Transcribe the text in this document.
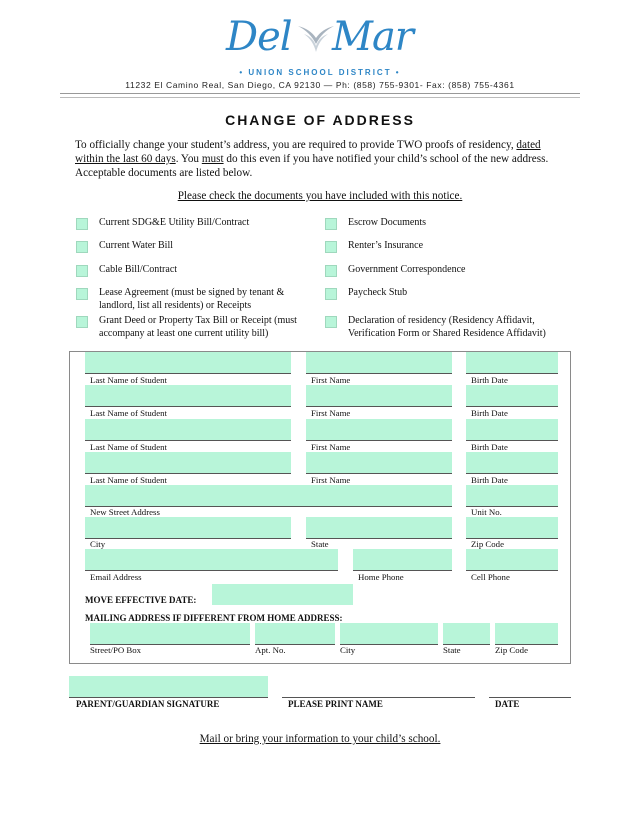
Del Mar
• UNION SCHOOL DISTRICT •
11232 El Camino Real, San Diego, CA 92130 — Ph: (858) 755-9301- Fax: (858) 755-4361
CHANGE OF ADDRESS
To officially change your student’s address, you are required to provide TWO proofs of residency, dated within the last 60 days. You must do this even if you have notified your child’s school of the new address. Acceptable documents are listed below.
Please check the documents you have included with this notice.
Current SDG&E Utility Bill/Contract
Current Water Bill
Cable Bill/Contract
Lease Agreement (must be signed by tenant & landlord, list all residents) or Receipts
Grant Deed or Property Tax Bill or Receipt (must accompany at least one current utility bill)
Escrow Documents
Renter’s Insurance
Government Correspondence
Paycheck Stub
Declaration of residency (Residency Affidavit, Verification Form or Shared Residence Affidavit)
Last Name of Student	First Name	Birth Date
Last Name of Student	First Name	Birth Date
Last Name of Student	First Name	Birth Date
Last Name of Student	First Name	Birth Date
New Street Address	Unit No.
City	State	Zip Code
Email Address	Home Phone	Cell Phone
MOVE EFFECTIVE DATE:
MAILING ADDRESS IF DIFFERENT FROM HOME ADDRESS:
Street/PO Box	Apt. No.	City	State	Zip Code
PARENT/GUARDIAN SIGNATURE	PLEASE PRINT NAME	DATE
Mail or bring your information to your child’s school.
